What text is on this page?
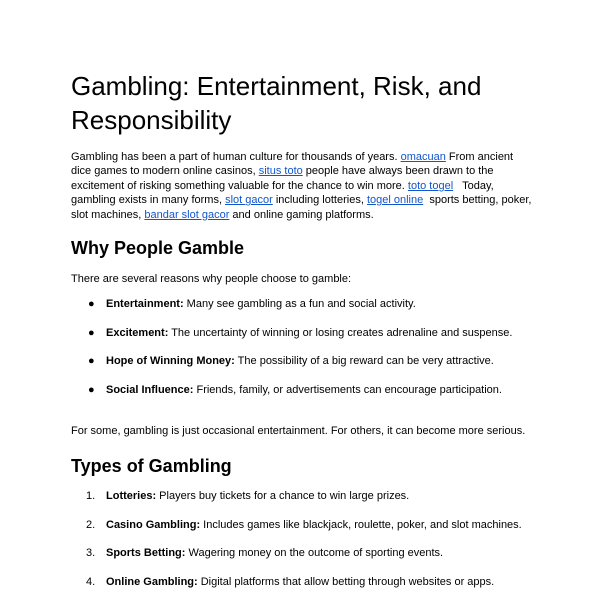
Gambling: Entertainment, Risk, and Responsibility

Gambling has been a part of human culture for thousands of years. omacuan From ancient dice games to modern online casinos, situs toto people have always been drawn to the excitement of risking something valuable for the chance to win more. toto togel   Today, gambling exists in many forms, slot gacor including lotteries, togel online  sports betting, poker, slot machines, bandar slot gacor and online gaming platforms.

Why People Gamble

There are several reasons why people choose to gamble:

● Entertainment: Many see gambling as a fun and social activity.
● Excitement: The uncertainty of winning or losing creates adrenaline and suspense.
● Hope of Winning Money: The possibility of a big reward can be very attractive.
● Social Influence: Friends, family, or advertisements can encourage participation.

For some, gambling is just occasional entertainment. For others, it can become more serious.

Types of Gambling
1. Lotteries: Players buy tickets for a chance to win large prizes.
2. Casino Gambling: Includes games like blackjack, roulette, poker, and slot machines.
3. Sports Betting: Wagering money on the outcome of sporting events.
4. Online Gambling: Digital platforms that allow betting through websites or apps.
